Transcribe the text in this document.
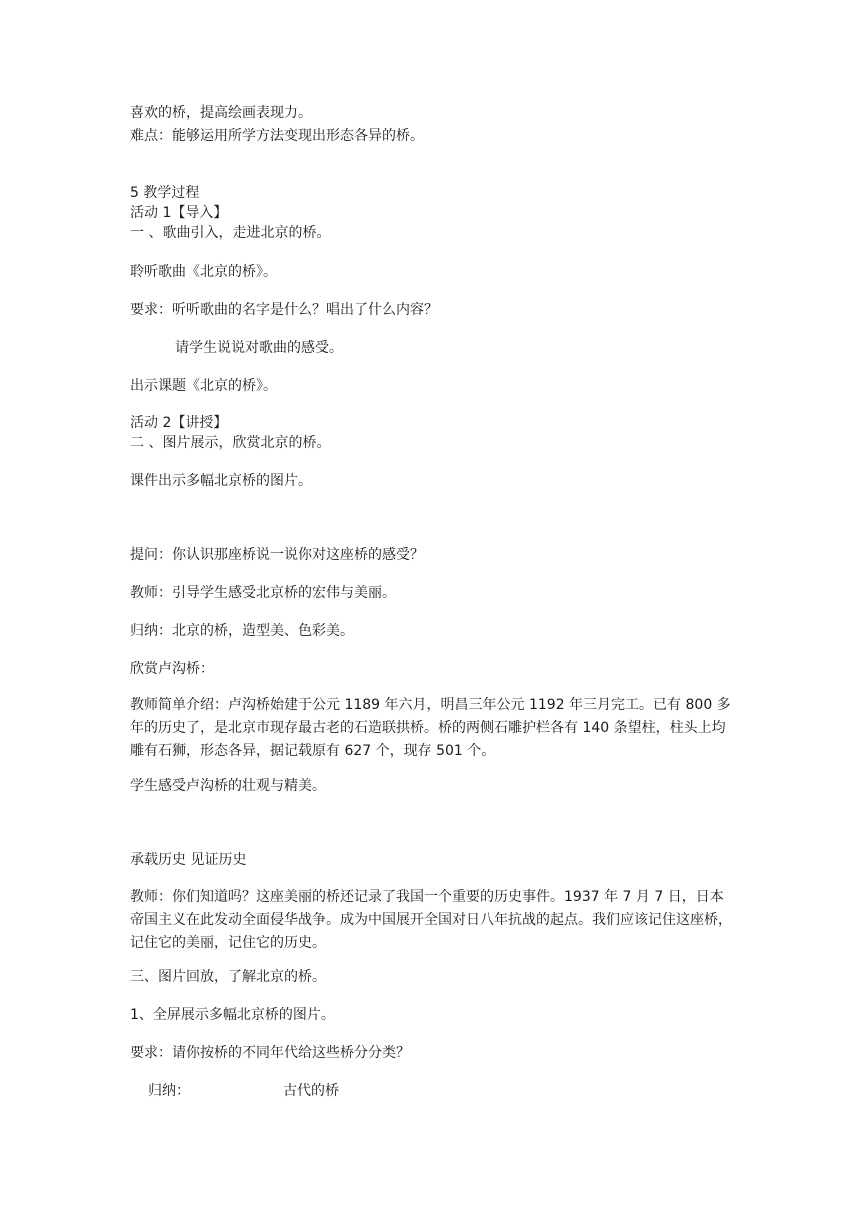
喜欢的桥，提高绘画表现力。
难点：能够运用所学方法变现出形态各异的桥。
5 教学过程
活动 1【导入】
一 、歌曲引入，走进北京的桥。
聆听歌曲《北京的桥》。
要求：听听歌曲的名字是什么？唱出了什么内容？
请学生说说对歌曲的感受。
出示课题《北京的桥》。
活动 2【讲授】
二 、图片展示，欣赏北京的桥。
课件出示多幅北京桥的图片。
提问：你认识那座桥说一说你对这座桥的感受？
教师：引导学生感受北京桥的宏伟与美丽。
归纳：北京的桥，造型美、色彩美。
欣赏卢沟桥：
教师简单介绍：卢沟桥始建于公元 1189 年六月，明昌三年公元 1192 年三月完工。已有 800 多年的历史了，是北京市现存最古老的石造联拱桥。桥的两侧石雕护栏各有 140 条望柱，柱头上均雕有石狮，形态各异，据记载原有 627 个，现存 501 个。
学生感受卢沟桥的壮观与精美。
承载历史 见证历史
教师：你们知道吗？这座美丽的桥还记录了我国一个重要的历史事件。1937 年 7 月 7 日，日本帝国主义在此发动全面侵华战争。成为中国展开全国对日八年抗战的起点。我们应该记住这座桥，记住它的美丽，记住它的历史。
三、图片回放，了解北京的桥。
1、全屏展示多幅北京桥的图片。
要求：请你按桥的不同年代给这些桥分分类？
归纳：	古代的桥
